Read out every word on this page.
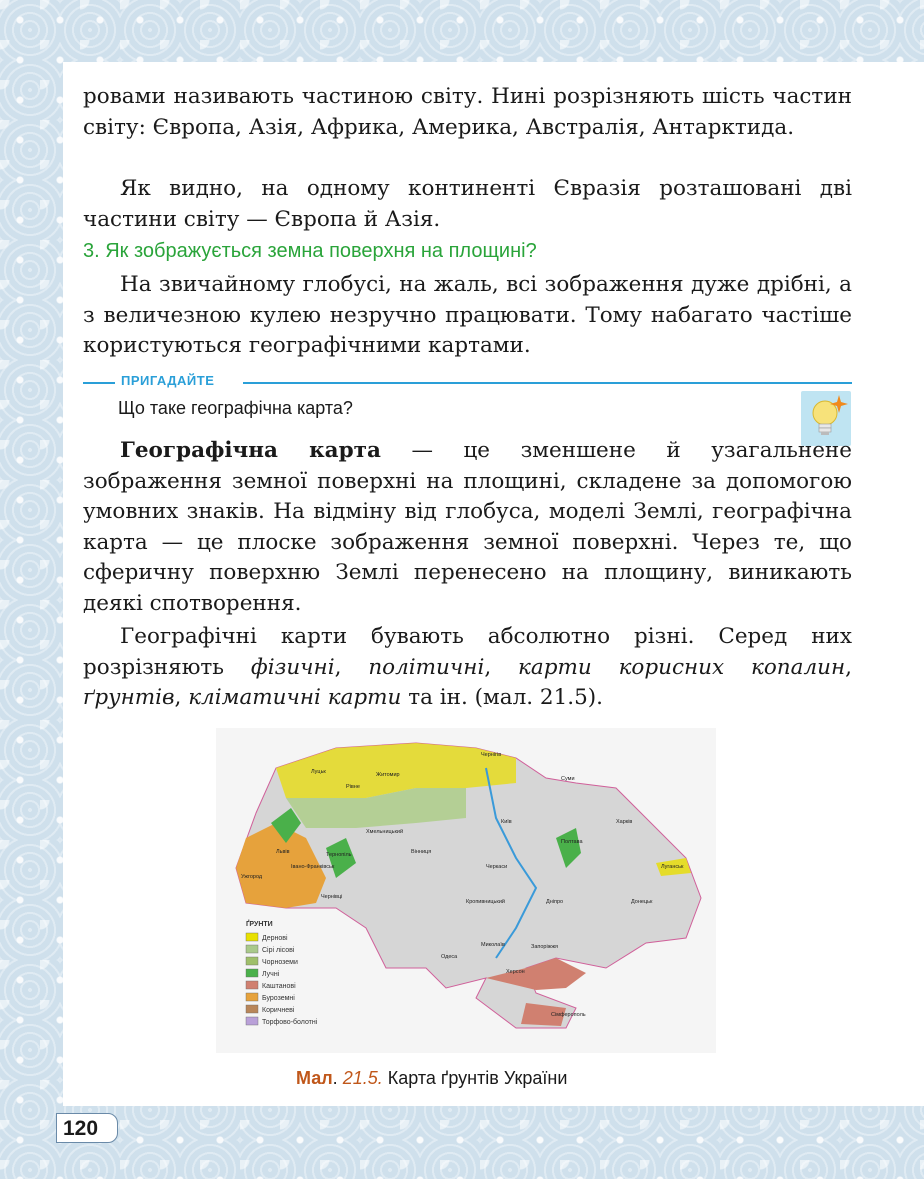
ровами називають частиною світу. Нині розрізняють шість частин світу: Європа, Азія, Африка, Америка, Австралія, Антарктида.

Як видно, на одному континенті Євразія розташовані дві частини світу — Європа й Азія.

3. Як зображується земна поверхня на площині?

На звичайному глобусі, на жаль, всі зображення дуже дрібні, а з величезною кулею незручно працювати. Тому набагато частіше користуються географічними картами.

ПРИГАДАЙТЕ

Що таке географічна карта?

Географічна карта — це зменшене й узагальнене зображення земної поверхні на площині, складене за допомогою умовних знаків. На відміну від глобуса, моделі Землі, географічна карта — це плоске зображення земної поверхні. Через те, що сферичну поверхню Землі перенесено на площину, виникають деякі спотворення.

Географічні карти бувають абсолютно різні. Серед них розрізняють фізичні, політичні, карти корисних копалин, ґрунтів, кліматичні карти та ін. (мал. 21.5).

ҐРУНТИ
Дернові
Сірі лісові
Чорноземи
Лучні
Каштанові
Буроземні
Коричневі
Торфово-болотні
Луцьк	Житомир
Чернігів
Суми
Київ
Полтава
Харків
Львів	Тернопіль
Хмельницький
Вінниця
Черкаси
Кропивницький	Дніпро
Луганськ
Донецьк
Запоріжжя
Миколаїв
Одеса
Херсон
Сімферополь
Ужгород
Чернівці
Івано-Франківськ
Рівне

Мал. 21.5. Карта ґрунтів України

120
